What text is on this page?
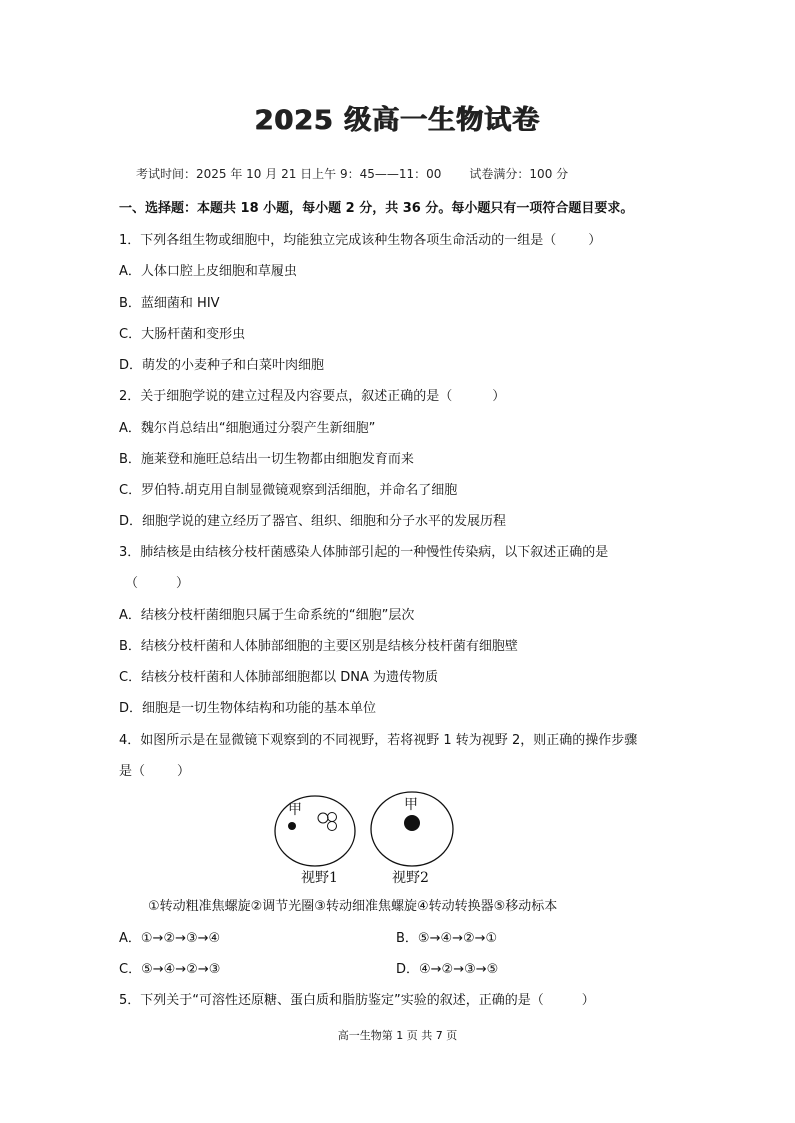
2025 级高一生物试卷
考试时间：2025 年 10 月 21 日上午 9：45——11：00 试卷满分：100 分
一、选择题：本题共 18 小题，每小题 2 分，共 36 分。每小题只有一项符合题目要求。
1．下列各组生物或细胞中，均能独立完成该种生物各项生命活动的一组是（ ）
A．人体口腔上皮细胞和草履虫
B．蓝细菌和 HIV
C．大肠杆菌和变形虫
D．萌发的小麦种子和白菜叶肉细胞
2．关于细胞学说的建立过程及内容要点，叙述正确的是（	）
A．魏尔肖总结出“细胞通过分裂产生新细胞”
B．施莱登和施旺总结出一切生物都由细胞发育而来
C．罗伯特.胡克用自制显微镜观察到活细胞，并命名了细胞
D．细胞学说的建立经历了器官、组织、细胞和分子水平的发展历程
3．肺结核是由结核分枝杆菌感染人体肺部引起的一种慢性传染病，以下叙述正确的是
（	）
A．结核分枝杆菌细胞只属于生命系统的“细胞”层次
B．结核分枝杆菌和人体肺部细胞的主要区别是结核分枝杆菌有细胞壁
C．结核分枝杆菌和人体肺部细胞都以 DNA 为遗传物质
D．细胞是一切生物体结构和功能的基本单位
4．如图所示是在显微镜下观察到的不同视野，若将视野 1 转为视野 2，则正确的操作步骤
是（ ）
甲	甲
视野1	视野2
①转动粗准焦螺旋②调节光圈③转动细准焦螺旋④转动转换器⑤移动标本
A．①→②→③→④	B．⑤→④→②→①
C．⑤→④→②→③	D．④→②→③→⑤
5．下列关于“可溶性还原糖、蛋白质和脂肪鉴定”实验的叙述，正确的是（	）
高一生物第 1 页 共 7 页
